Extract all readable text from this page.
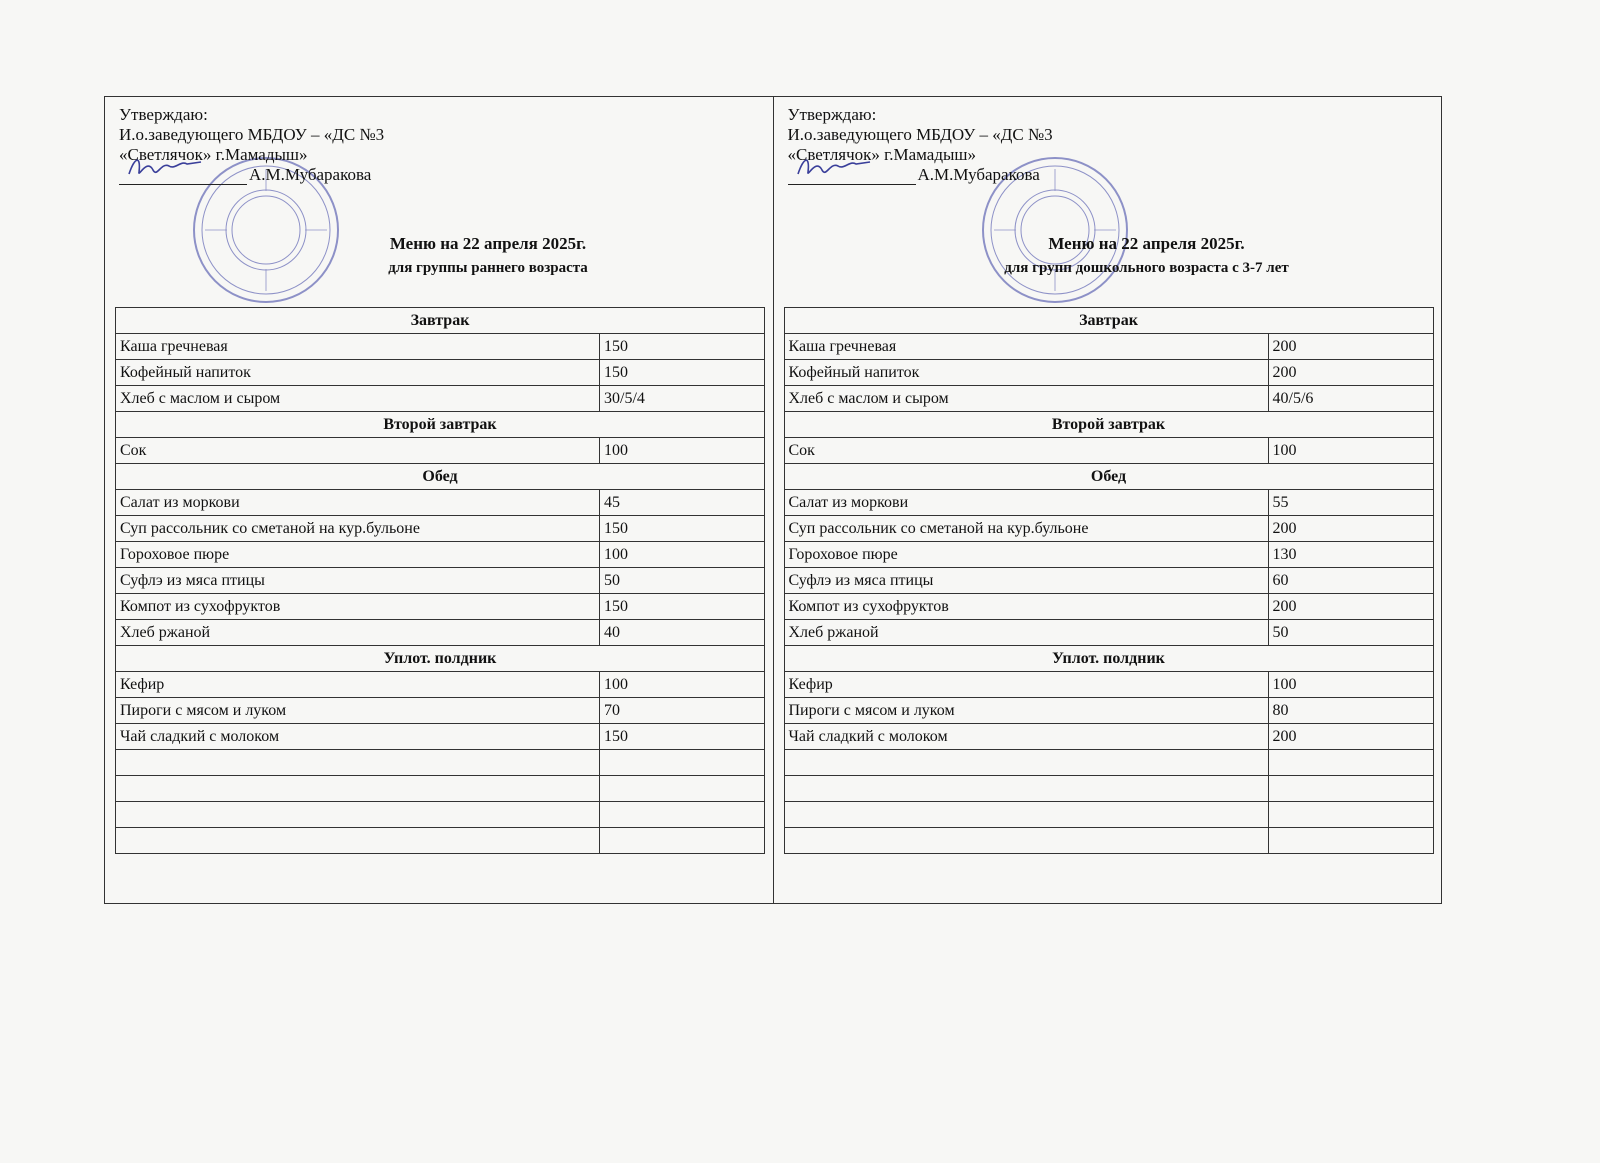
Утверждаю:
И.о.заведующего МБДОУ – «ДС №3
«Светлячок» г.Мамадыш»
А.М.Мубаракова
Меню на 22 апреля 2025г.
для группы раннего возраста
Завтрак	
Каша гречневая	150
Кофейный напиток	150
Хлеб с маслом и сыром	30/5/4
Второй завтрак	
Сок	100
Обед	
Салат из моркови	45
Суп рассольник со сметаной на кур.бульоне	150
Гороховое пюре	100
Суфлэ из мяса птицы	50
Компот из сухофруктов	150
Хлеб ржаной	40
Уплот. полдник	
Кефир	100
Пироги с мясом и луком	70
Чай сладкий с молоком	150

Утверждаю:
И.о.заведующего МБДОУ – «ДС №3
«Светлячок» г.Мамадыш»
А.М.Мубаракова
Меню на 22 апреля 2025г.
для групп дошкольного возраста с 3-7 лет
Завтрак	
Каша гречневая	200
Кофейный напиток	200
Хлеб с маслом и сыром	40/5/6
Второй завтрак	
Сок	100
Обед	
Салат из моркови	55
Суп рассольник со сметаной на кур.бульоне	200
Гороховое пюре	130
Суфлэ из мяса птицы	60
Компот из сухофруктов	200
Хлеб ржаной	50
Уплот. полдник	
Кефир	100
Пироги с мясом и луком	80
Чай сладкий с молоком	200
